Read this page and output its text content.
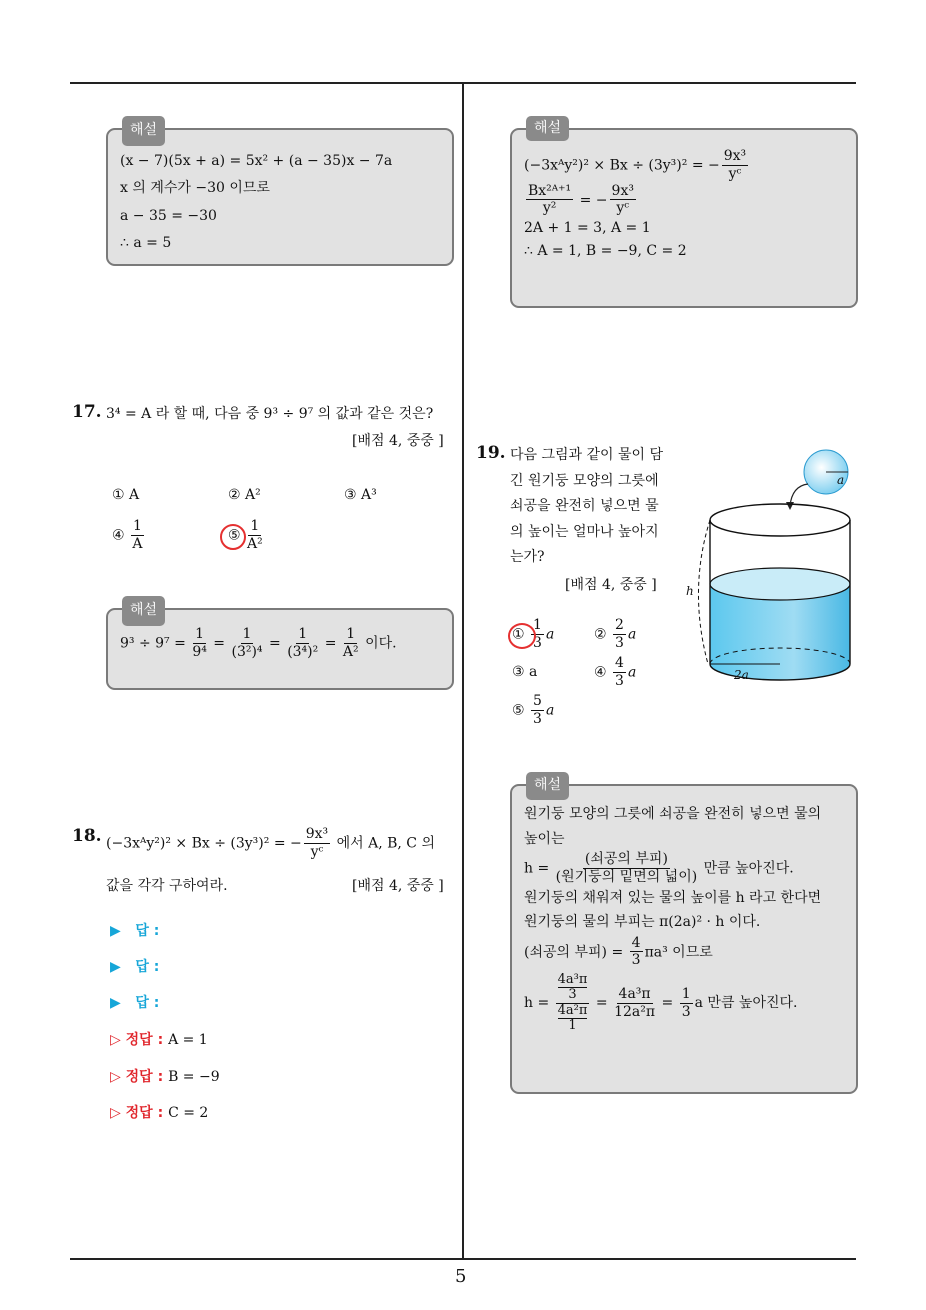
5
해설
(x − 7)(5x + a) = 5x² + (a − 35)x − 7a
x 의 계수가 −30 이므로
a − 35 = −30
∴ a = 5
해설
(−3xᴬy²)² × Bx ÷ (3y³)² = − $\frac{\text{9x³}}{\text{yᶜ}}$
$\frac{\text{Bx²ᴬ⁺¹}}{\text{y²}}$ = − $\frac{\text{9x³}}{\text{yᶜ}}$
2A + 1 = 3, A = 1
∴ A = 1, B = −9, C = 2
17. 3⁴ = A 라 할 때, 다음 중 9³ ÷ 9⁷ 의 값과 같은 것은?
[배점 4, 중중 ]
① A	② A²	③ A³
④ $\frac{1}{A}$	⑤ $\frac{1}{\text{A²}}$
해설
$9^3 \div 9^7 = \frac{1}{\text{9⁴}} = \frac{1}{\text{(3²)⁴}} = \frac{1}{\text{(3⁴)²}} = \frac{1}{\text{A²}}$ 이다.
18. (−3xᴬy²)² × Bx ÷ (3y³)² = − $\frac{\text{9x³}}{\text{yᶜ}}$ 에서 A, B, C 의
값을 각각 구하여라.	[배점 4, 중중 ]
▶ 답 :
▶ 답 :
▶ 답 :
▷ 정답 : A = 1
▷ 정답 : B = −9
▷ 정답 : C = 2
19. 다음 그림과 같이 물이 담
긴 원기둥 모양의 그릇에
쇠공을 완전히 넣으면 물
의 높이는 얼마나 높아지
는가?
[배점 4, 중중 ]
① $\frac{1}{3}$ a	② $\frac{2}{3}$ a
③ a	④ $\frac{4}{3}$ a
⑤ $\frac{5}{3}$ a
a
2a
h
해설
원기둥 모양의 그릇에 쇠공을 완전히 넣으면 물의
높이는
h =
(쇠공의 부피)
(원기둥의 밑면의 넓이)
만큼 높아진다.
원기둥의 채워져 있는 물의 높이를 h 라고 한다면
원기둥의 물의 부피는 π(2a)² · h 이다.
(쇠공의 부피) = $\frac{4}{3} \pi a^3$ 이므로
h = 4a³π
3
4a²π
$1 = \frac{\text{4a³π}}{\text{12a²π}} = \frac{1}{3}$ a 만큼 높아진다.
